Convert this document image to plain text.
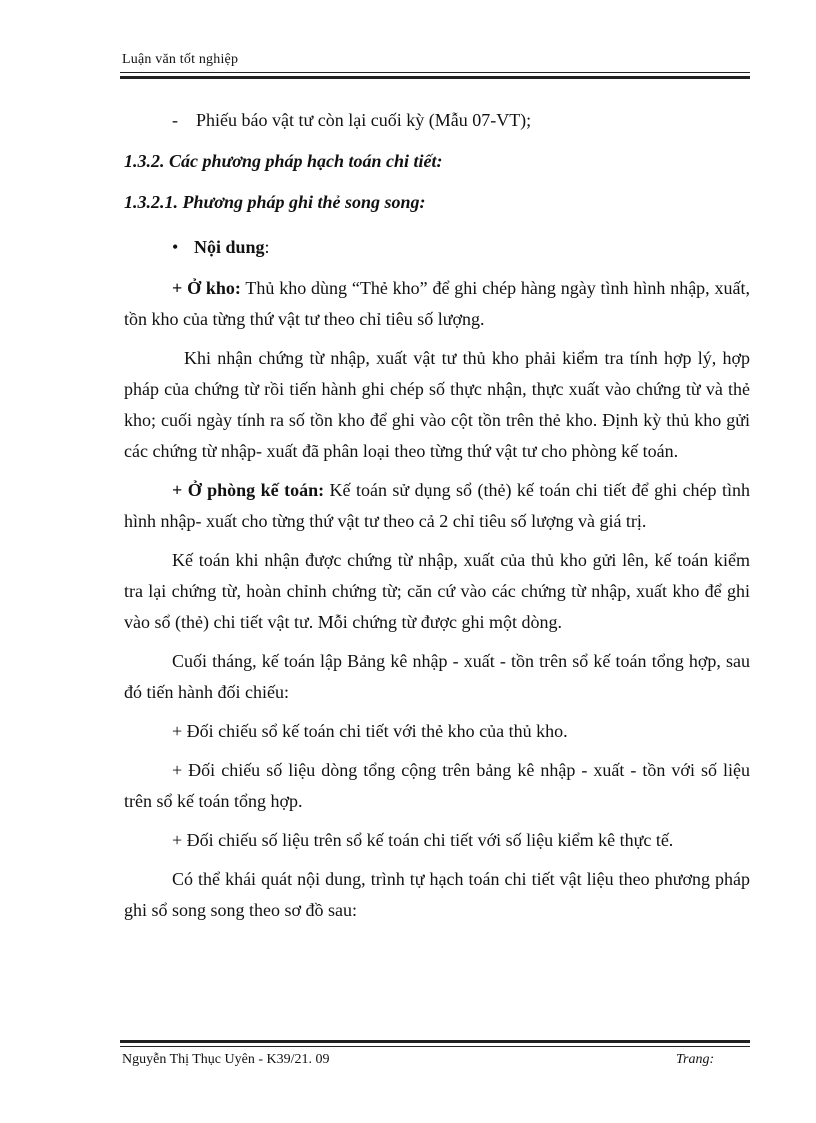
Luận văn tốt nghiệp

- Phiếu báo vật tư còn lại cuối kỳ (Mẫu 07-VT);

1.3.2. Các phương pháp hạch toán chi tiết:

1.3.2.1. Phương pháp ghi thẻ song song:

• Nội dung:

+ Ở kho: Thủ kho dùng “Thẻ kho” để ghi chép hàng ngày tình hình nhập, xuất, tồn kho của từng thứ vật tư theo chỉ tiêu số lượng.

Khi nhận chứng từ nhập, xuất vật tư thủ kho phải kiểm tra tính hợp lý, hợp pháp của chứng từ rồi tiến hành ghi chép số thực nhận, thực xuất vào chứng từ và thẻ kho; cuối ngày tính ra số tồn kho để ghi vào cột tồn trên thẻ kho. Định kỳ thủ kho gửi các chứng từ nhập- xuất đã phân loại theo từng thứ vật tư cho phòng kế toán.

+ Ở phòng kế toán: Kế toán sử dụng sổ (thẻ) kế toán chi tiết để ghi chép tình hình nhập- xuất cho từng thứ vật tư theo cả 2 chỉ tiêu số lượng và giá trị.

Kế toán khi nhận được chứng từ nhập, xuất của thủ kho gửi lên, kế toán kiểm tra lại chứng từ, hoàn chỉnh chứng từ; căn cứ vào các chứng từ nhập, xuất kho để ghi vào sổ (thẻ) chi tiết vật tư. Mỗi chứng từ được ghi một dòng.

Cuối tháng, kế toán lập Bảng kê nhập - xuất - tồn trên sổ kế toán tổng hợp, sau đó tiến hành đối chiếu:

+ Đối chiếu sổ kế toán chi tiết với thẻ kho của thủ kho.

+ Đối chiếu số liệu dòng tổng cộng trên bảng kê nhập - xuất - tồn với số liệu trên sổ kế toán tổng hợp.

+ Đối chiếu số liệu trên sổ kế toán chi tiết với số liệu kiểm kê thực tế.

Có thể khái quát nội dung, trình tự hạch toán chi tiết vật liệu theo phương pháp ghi sổ song song theo sơ đồ sau:

Nguyễn Thị Thục Uyên - K39/21. 09	Trang:
